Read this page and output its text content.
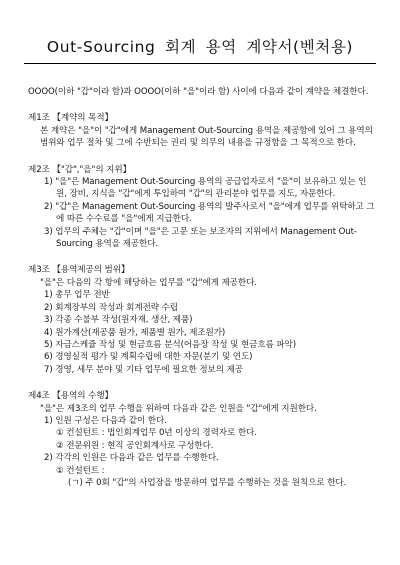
Out-Sourcing 회계 용역 계약서(벤처용)

OOOO(이하 "갑"이라 함)과 OOOO(이하 "을"이라 함) 사이에 다음과 같이 계약을 체결한다.

제1조 【계약의 목적】
본 계약은 "을"이 "갑"에게 Management Out-Sourcing 용역을 제공함에 있어 그 용역의 범위와 업무 절차 및 그에 수반되는 권리 및 의무의 내용을 규정함을 그 목적으로 한다.
제2조 【"갑","을"의 지위】
1) "을"은 Management Out-Sourcing 용역의 공급업자로서 "을"이 보유하고 있는 인원, 장비, 지식을 "갑"에게 투입하여 "갑"의 관리분야 업무를 지도, 자문한다.
2) "갑"은 Management Out-Sourcing 용역의 발주사로서 "을"에게 업무를 위탁하고 그에 따른 수수료를 "을"에게 지급한다.
3) 업무의 주체는 "갑"이며 "을"은 고문 또는 보조자의 지위에서 Management Out-Sourcing 용역을 제공한다.
제3조 【용역제공의 범위】
"을"은 다음의 각 항에 해당하는 업무를 "갑"에게 제공한다.
1) 총무 업무 전반
2) 회계장부의 작성과 회계전략 수립
3) 각종 수불부 작성(원자재, 생산, 제품)
4) 원가계산(재공품 원가, 제품별 원가, 제조원가)
5) 자금스케쥴 작성 및 현금흐름 분석(어음장 작성 및 현금흐름 파악)
6) 경영실적 평가 및 계획수립에 대한 자문(분기 및 연도)
7) 경영, 세무 분야 및 기타 업무에 필요한 정보의 제공
제4조 【용역의 수행】
"을"은 제3조의 업무 수행을 위하여 다음과 같은 인원을 "갑"에게 지원한다.
1) 인원 구성은 다음과 같이 한다.
① 컨설턴트 : 법인회계업무 0년 이상의 경력자로 한다.
② 전문위원 : 현직 공인회계사로 구성한다.
2) 각각의 인원은 다음과 같은 업무를 수행한다.
① 컨설턴트 :
(ㄱ) 주 0회 "갑"의 사업장을 방문하여 업무를 수행하는 것을 원칙으로 한다.
